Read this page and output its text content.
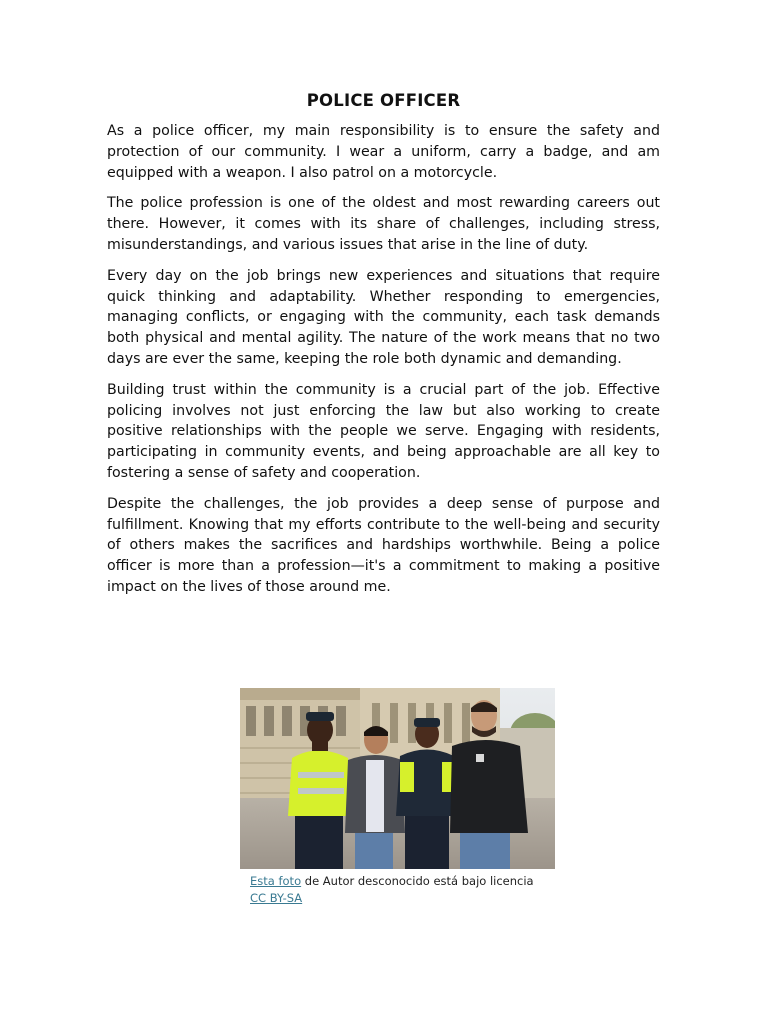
POLICE OFFICER

As a police officer, my main responsibility is to ensure the safety and protection of our community. I wear a uniform, carry a badge, and am equipped with a weapon. I also patrol on a motorcycle.

The police profession is one of the oldest and most rewarding careers out there. However, it comes with its share of challenges, including stress, misunderstandings, and various issues that arise in the line of duty.

Every day on the job brings new experiences and situations that require quick thinking and adaptability. Whether responding to emergencies, managing conflicts, or engaging with the community, each task demands both physical and mental agility. The nature of the work means that no two days are ever the same, keeping the role both dynamic and demanding.

Building trust within the community is a crucial part of the job. Effective policing involves not just enforcing the law but also working to create positive relationships with the people we serve. Engaging with residents, participating in community events, and being approachable are all key to fostering a sense of safety and cooperation.

Despite the challenges, the job provides a deep sense of purpose and fulfillment. Knowing that my efforts contribute to the well-being and security of others makes the sacrifices and hardships worthwhile. Being a police officer is more than a profession—it's a commitment to making a positive impact on the lives of those around me.

Esta foto de Autor desconocido está bajo licencia
CC BY-SA
